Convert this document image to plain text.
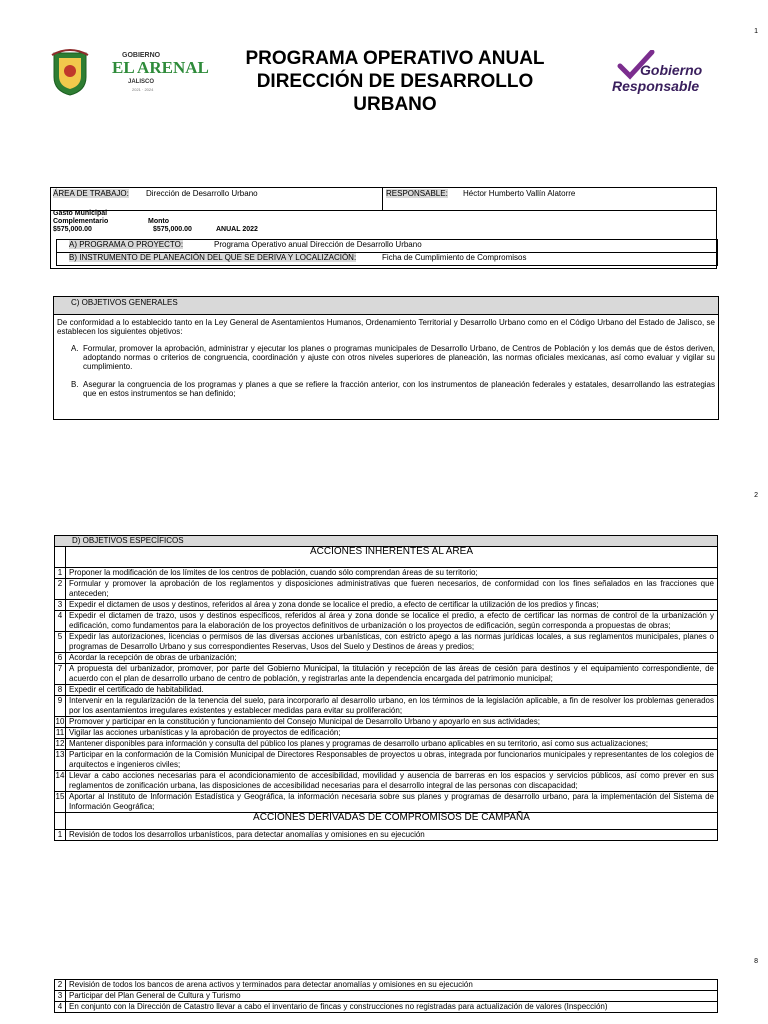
1
GOBIERNO
EL ARENAL
JALISCO
2021 · 2024
PROGRAMA OPERATIVO ANUAL
DIRECCIÓN DE DESARROLLO
URBANO
Gobierno
Responsable
ÁREA DE TRABAJO: Dirección de Desarrollo Urbano	RESPONSABLE: Héctor Humberto Vallín Alatorre
Gasto Municipal
Complementario	Monto
$575,000.00	$575,000.00	ANUAL 2022
A) PROGRAMA O PROYECTO:	Programa Operativo anual Dirección de Desarrollo Urbano
B) INSTRUMENTO DE PLANEACIÓN DEL QUE SE DERIVA Y LOCALIZACIÓN:	Ficha de Cumplimiento de Compromisos
C) OBJETIVOS GENERALES
De conformidad a lo establecido tanto en la Ley General de Asentamientos Humanos, Ordenamiento Territorial y Desarrollo Urbano como en el Código Urbano del Estado de Jalisco, se establecen los siguientes objetivos:
A. Formular, promover la aprobación, administrar y ejecutar los planes o programas municipales de Desarrollo Urbano, de Centros de Población y los demás que de éstos deriven, adoptando normas o criterios de congruencia, coordinación y ajuste con otros niveles superiores de planeación, las normas oficiales mexicanas, así como evaluar y vigilar su cumplimiento.
B. Asegurar la congruencia de los programas y planes a que se refiere la fracción anterior, con los instrumentos de planeación federales y estatales, desarrollando las estrategias que en estos instrumentos se han definido;
2
D) OBJETIVOS ESPECÍFICOS	
	ACCIONES INHERENTES AL AREA
1	Proponer la modificación de los límites de los centros de población, cuando sólo comprendan áreas de su territorio;
2	Formular y promover la aprobación de los reglamentos y disposiciones administrativas que fueren necesarios, de conformidad con los fines señalados en las fracciones que anteceden;
3	Expedir el dictamen de usos y destinos, referidos al área y zona donde se localice el predio, a efecto de certificar la utilización de los predios y fincas;
4	Expedir el dictamen de trazo, usos y destinos específicos, referidos al área y zona donde se localice el predio, a efecto de certificar las normas de control de la urbanización y edificación, como fundamentos para la elaboración de los proyectos definitivos de urbanización o los proyectos de edificación, según corresponda a propuestas de obras;
5	Expedir las autorizaciones, licencias o permisos de las diversas acciones urbanísticas, con estricto apego a las normas jurídicas locales, a sus reglamentos municipales, planes o programas de Desarrollo Urbano y sus correspondientes Reservas, Usos del Suelo y Destinos de áreas y predios;
6	Acordar la recepción de obras de urbanización;
7	A propuesta del urbanizador, promover, por parte del Gobierno Municipal, la titulación y recepción de las áreas de cesión para destinos y el equipamiento correspondiente, de acuerdo con el plan de desarrollo urbano de centro de población, y registrarlas ante la dependencia encargada del patrimonio municipal;
8	Expedir el certificado de habitabilidad.
9	Intervenir en la regularización de la tenencia del suelo, para incorporarlo al desarrollo urbano, en los términos de la legislación aplicable, a fin de resolver los problemas generados por los asentamientos irregulares existentes y establecer medidas para evitar su proliferación;
10	Promover y participar en la constitución y funcionamiento del Consejo Municipal de Desarrollo Urbano y apoyarlo en sus actividades;
11	Vigilar las acciones urbanísticas y la aprobación de proyectos de edificación;
12	Mantener disponibles para información y consulta del público los planes y programas de desarrollo urbano aplicables en su territorio, así como sus actualizaciones;
13	Participar en la conformación de la Comisión Municipal de Directores Responsables de proyectos u obras, integrada por funcionarios municipales y representantes de los colegios de arquitectos e ingenieros civiles;
14	Llevar a cabo acciones necesarias para el acondicionamiento de accesibilidad, movilidad y ausencia de barreras en los espacios y servicios públicos, así como prever en sus reglamentos de zonificación urbana, las disposiciones de accesibilidad necesarias para el desarrollo integral de las personas con discapacidad;
15	Aportar al Instituto de Información Estadística y Geográfica, la información necesaria sobre sus planes y programas de desarrollo urbano, para la implementación del Sistema de Información Geográfica;
	ACCIONES DERIVADAS DE COMPROMISOS DE CAMPAÑA
1	Revisión de todos los desarrollos urbanísticos, para detectar anomalías y omisiones en su ejecución
8
2	Revisión de todos los bancos de arena activos y terminados para detectar anomalías y omisiones en su ejecución
3	Participar del Plan General de Cultura y Turismo
4	En conjunto con la Dirección de Catastro llevar a cabo el inventario de fincas y construcciones no registradas para actualización de valores (Inspección)
